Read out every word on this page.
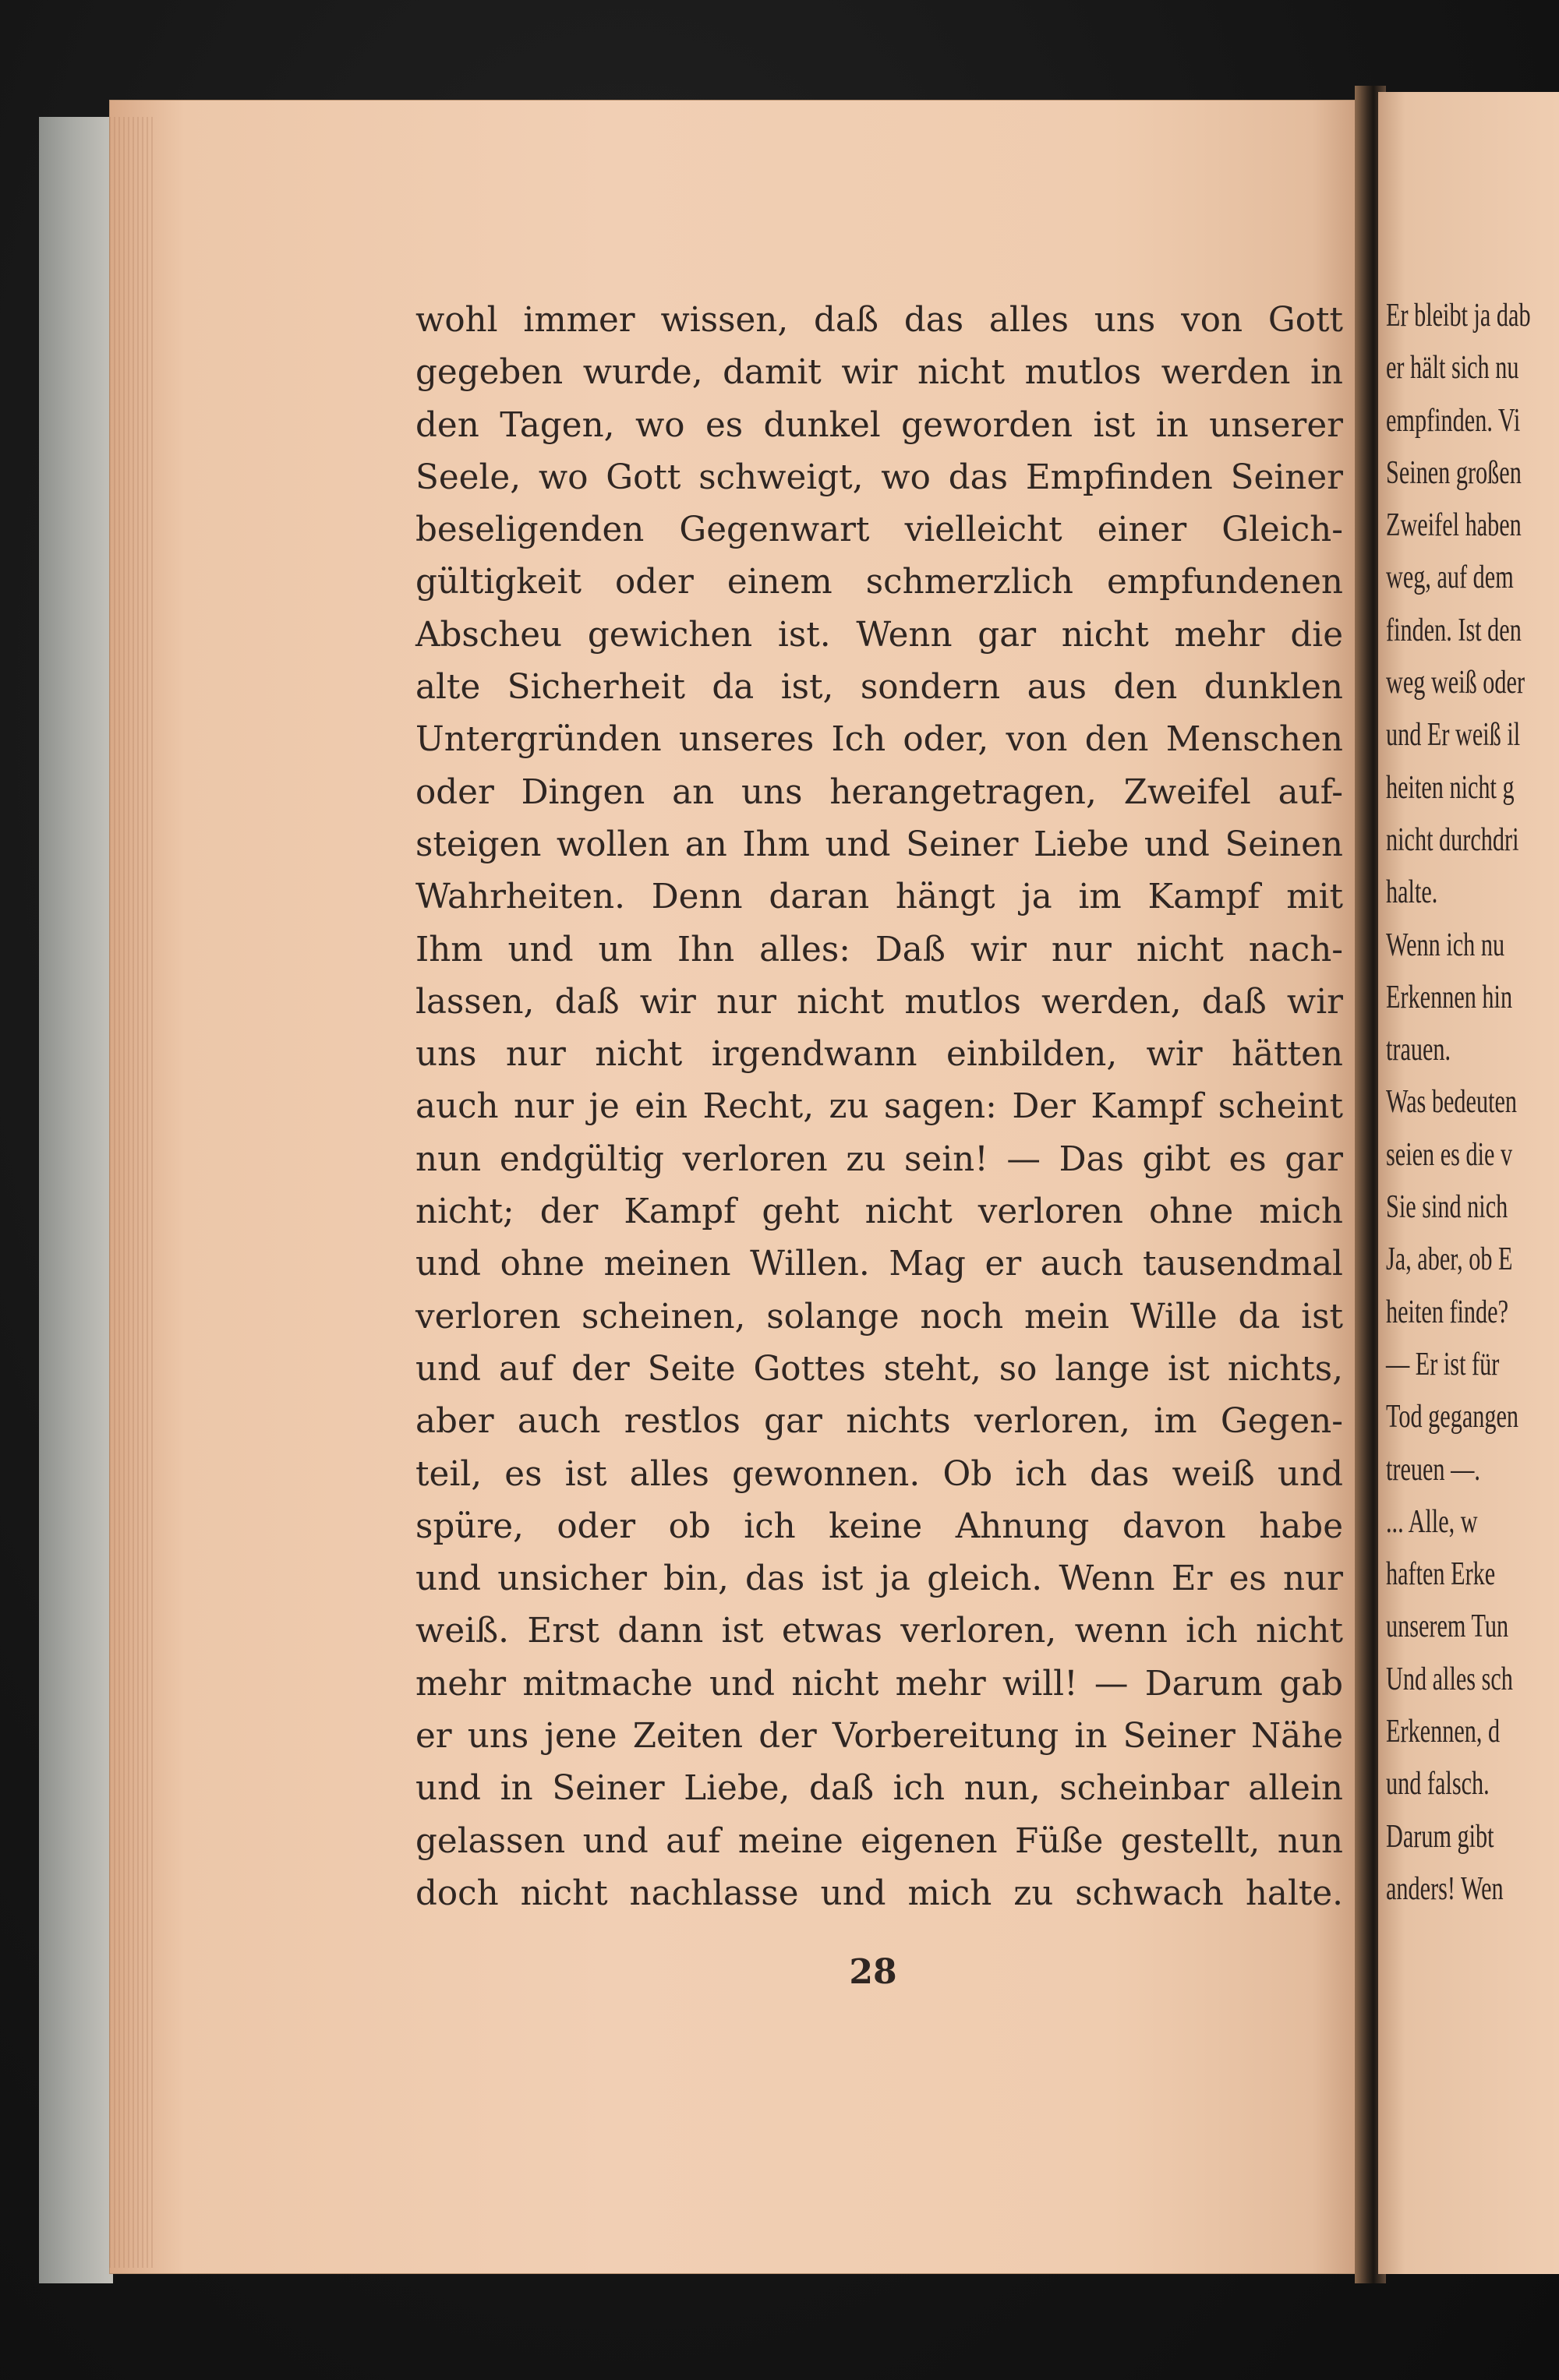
wohl immer wissen, daß das alles uns von Gott
gegeben wurde, damit wir nicht mutlos werden in
den Tagen, wo es dunkel geworden ist in unserer
Seele, wo Gott schweigt, wo das Empfinden Seiner
beseligenden Gegenwart vielleicht einer Gleich-
gültigkeit oder einem schmerzlich empfundenen
Abscheu gewichen ist. Wenn gar nicht mehr die
alte Sicherheit da ist, sondern aus den dunklen
Untergründen unseres Ich oder, von den Menschen
oder Dingen an uns herangetragen, Zweifel auf-
steigen wollen an Ihm und Seiner Liebe und Seinen
Wahrheiten. Denn daran hängt ja im Kampf mit
Ihm und um Ihn alles: Daß wir nur nicht nach-
lassen, daß wir nur nicht mutlos werden, daß wir
uns nur nicht irgendwann einbilden, wir hätten
auch nur je ein Recht, zu sagen: Der Kampf scheint
nun endgültig verloren zu sein! — Das gibt es gar
nicht; der Kampf geht nicht verloren ohne mich
und ohne meinen Willen. Mag er auch tausendmal
verloren scheinen, solange noch mein Wille da ist
und auf der Seite Gottes steht, so lange ist nichts,
aber auch restlos gar nichts verloren, im Gegen-
teil, es ist alles gewonnen. Ob ich das weiß und
spüre, oder ob ich keine Ahnung davon habe
und unsicher bin, das ist ja gleich. Wenn Er es nur
weiß. Erst dann ist etwas verloren, wenn ich nicht
mehr mitmache und nicht mehr will! — Darum gab
er uns jene Zeiten der Vorbereitung in Seiner Nähe
und in Seiner Liebe, daß ich nun, scheinbar allein
gelassen und auf meine eigenen Füße gestellt, nun
doch nicht nachlasse und mich zu schwach halte.
28
Er bleibt ja dab
er hält sich nu
empfinden. Vi
Seinen großen
Zweifel haben
weg, auf dem
finden. Ist den
weg weiß oder
und Er weiß il
heiten nicht g
nicht durchdri
halte.
Wenn ich nu
Erkennen hin
trauen.
Was bedeuten
seien es die v
Sie sind nich
Ja, aber, ob E
heiten finde?
— Er ist für
Tod gegangen
treuen —.
... Alle, w
haften Erke
unserem Tun
Und alles sch
Erkennen, d
und falsch.
Darum gibt
anders! Wen
